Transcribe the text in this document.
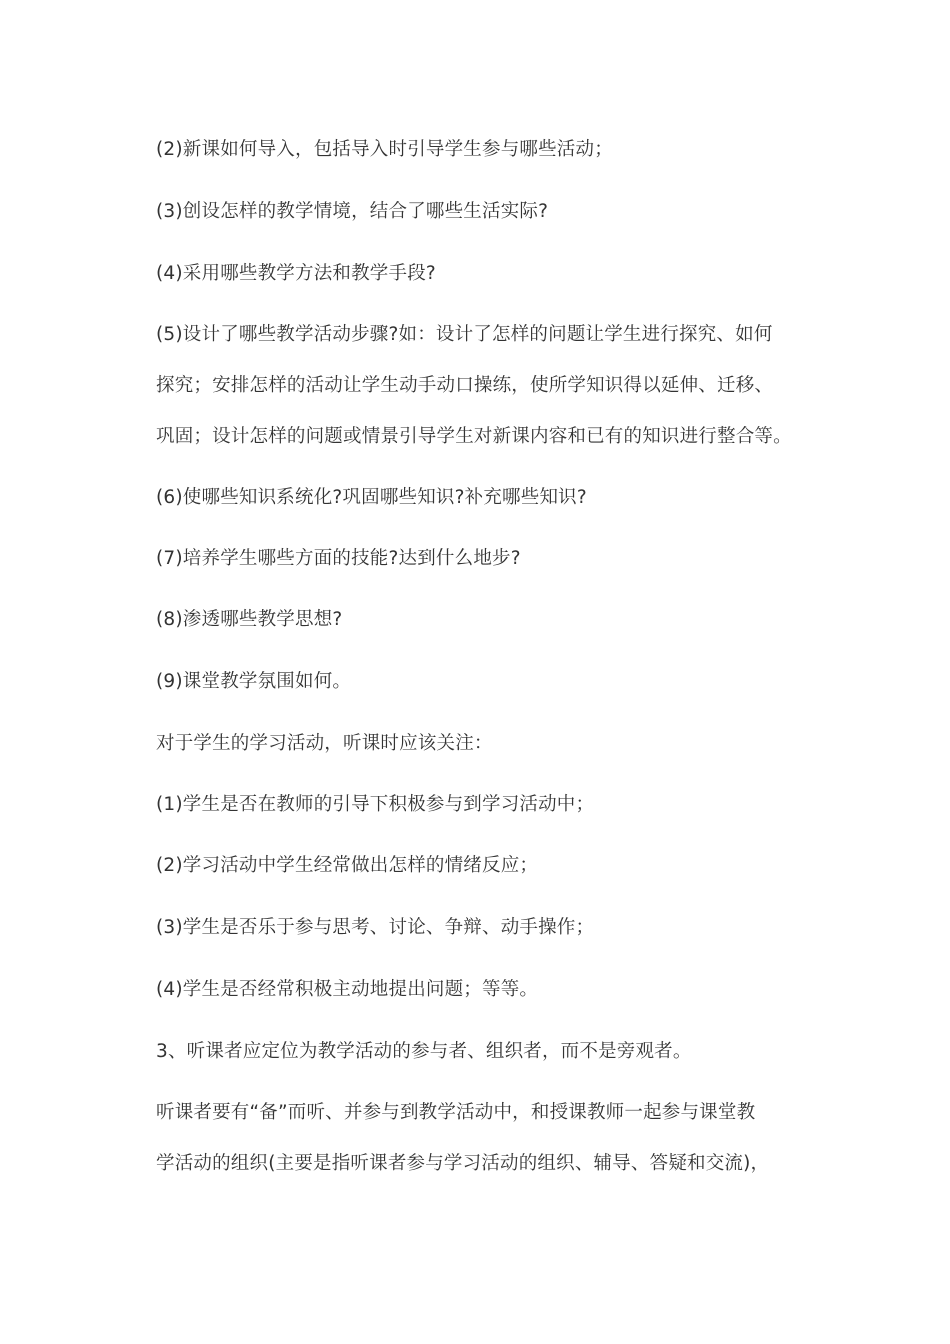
(2)新课如何导入，包括导入时引导学生参与哪些活动；
(3)创设怎样的教学情境，结合了哪些生活实际?
(4)采用哪些教学方法和教学手段?
(5)设计了哪些教学活动步骤?如：设计了怎样的问题让学生进行探究、如何
探究；安排怎样的活动让学生动手动口操练，使所学知识得以延伸、迁移、
巩固；设计怎样的问题或情景引导学生对新课内容和已有的知识进行整合等。
(6)使哪些知识系统化?巩固哪些知识?补充哪些知识?
(7)培养学生哪些方面的技能?达到什么地步?
(8)渗透哪些教学思想?
(9)课堂教学氛围如何。
对于学生的学习活动，听课时应该关注：
(1)学生是否在教师的引导下积极参与到学习活动中；
(2)学习活动中学生经常做出怎样的情绪反应；
(3)学生是否乐于参与思考、讨论、争辩、动手操作；
(4)学生是否经常积极主动地提出问题；等等。
3、听课者应定位为教学活动的参与者、组织者，而不是旁观者。
听课者要有“备”而听、并参与到教学活动中，和授课教师一起参与课堂教
学活动的组织(主要是指听课者参与学习活动的组织、辅导、答疑和交流)，
